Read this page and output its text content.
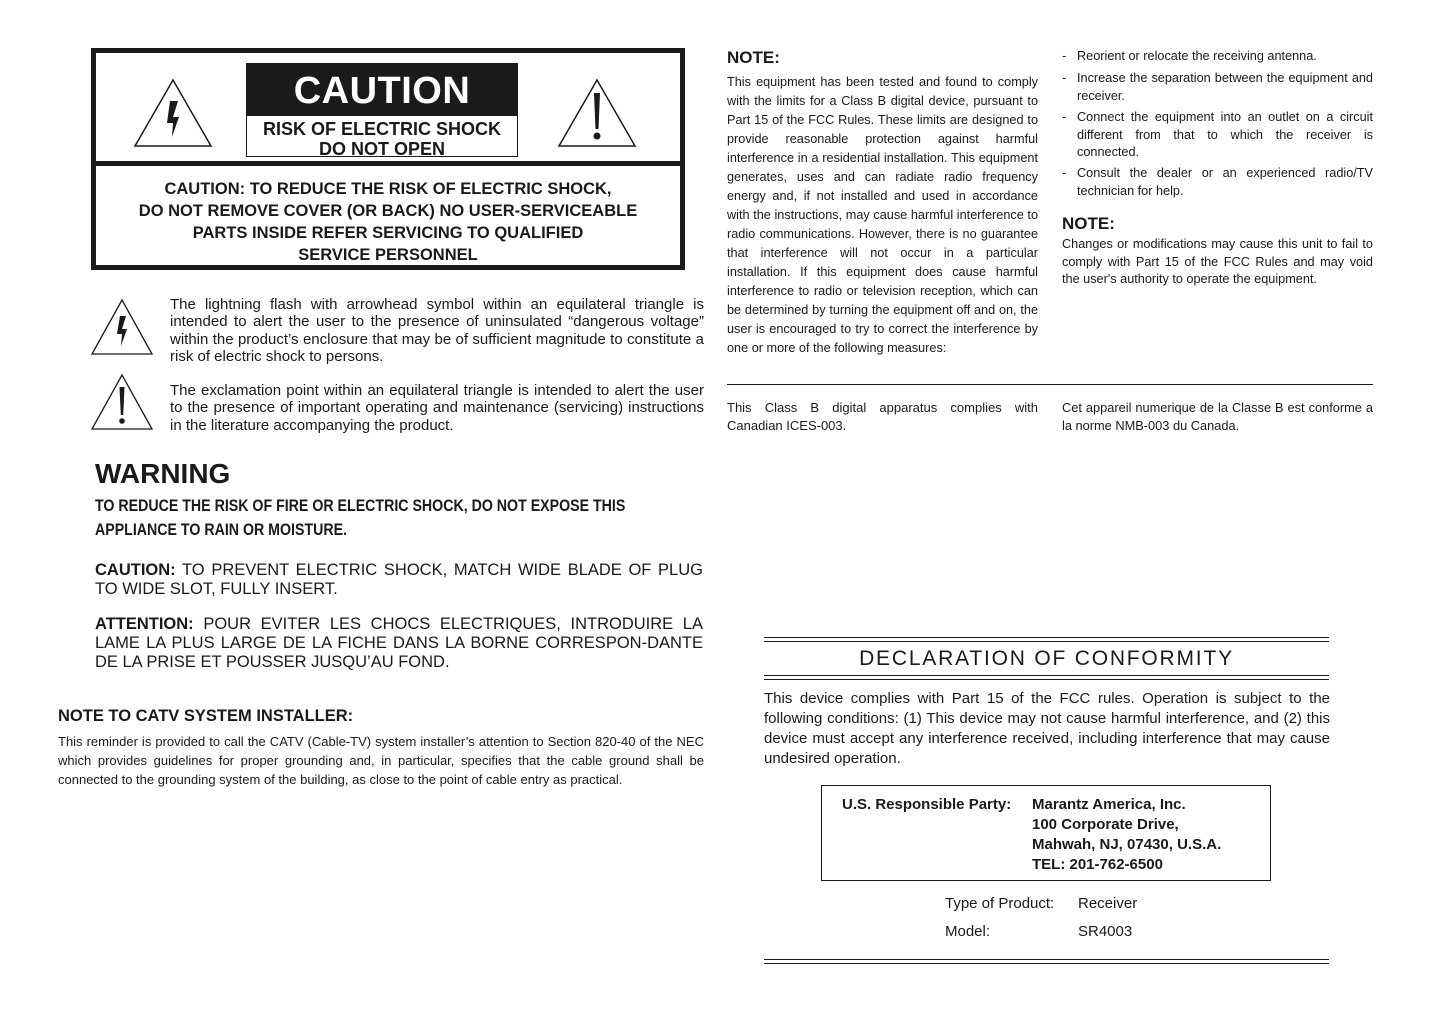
CAUTION
RISK OF ELECTRIC SHOCK
DO NOT OPEN
CAUTION: TO REDUCE THE RISK OF ELECTRIC SHOCK,
DO NOT REMOVE COVER (OR BACK) NO USER-SERVICEABLE
PARTS INSIDE REFER SERVICING TO QUALIFIED
SERVICE PERSONNEL
The lightning flash with arrowhead symbol within an equilateral triangle is intended to alert the user to the presence of uninsulated “dangerous voltage” within the product’s enclosure that may be of sufficient magnitude to constitute a risk of electric shock to persons.
The exclamation point within an equilateral triangle is intended to alert the user to the presence of important operating and maintenance (servicing) instructions in the literature accompanying the product.
WARNING
TO REDUCE THE RISK OF FIRE OR ELECTRIC SHOCK, DO NOT EXPOSE THIS APPLIANCE TO RAIN OR MOISTURE.
CAUTION: TO PREVENT ELECTRIC SHOCK, MATCH WIDE BLADE OF PLUG TO WIDE SLOT, FULLY INSERT.
ATTENTION: POUR EVITER LES CHOCS ELECTRIQUES, INTRODUIRE LA LAME LA PLUS LARGE DE LA FICHE DANS LA BORNE CORRESPON-DANTE DE LA PRISE ET POUSSER JUSQU’AU FOND.
NOTE TO CATV SYSTEM INSTALLER:
This reminder is provided to call the CATV (Cable-TV) system installer’s attention to Section 820-40 of the NEC which provides guidelines for proper grounding and, in particular, specifies that the cable ground shall be connected to the grounding system of the building, as close to the point of cable entry as practical.
NOTE:
This equipment has been tested and found to comply with the limits for a Class B digital device, pursuant to Part 15 of the FCC Rules. These limits are designed to provide reasonable protection against harmful interference in a residential installation. This equipment generates, uses and can radiate radio frequency energy and, if not installed and used in accordance with the instructions, may cause harmful interference to radio communications. However, there is no guarantee that interference will not occur in a particular installation. If this equipment does cause harmful interference to radio or television reception, which can be determined by turning the equipment off and on, the user is encouraged to try to correct the interference by one or more of the following measures:
- Reorient or relocate the receiving antenna.
- Increase the separation between the equipment and receiver.
- Connect the equipment into an outlet on a circuit different from that to which the receiver is connected.
- Consult the dealer or an experienced radio/TV technician for help.
NOTE:
Changes or modifications may cause this unit to fail to comply with Part 15 of the FCC Rules and may void the user's authority to operate the equipment.
This Class B digital apparatus complies with Canadian ICES-003.
Cet appareil numerique de la Classe B est conforme a la norme NMB-003 du Canada.
DECLARATION OF CONFORMITY
This device complies with Part 15 of the FCC rules. Operation is subject to the following conditions: (1) This device may not cause harmful interference, and (2) this device must accept any interference received, including interference that may cause undesired operation.
U.S. Responsible Party: Marantz America, Inc.
100 Corporate Drive,
Mahwah, NJ, 07430, U.S.A.
TEL: 201-762-6500
Type of Product: Receiver
Model:	SR4003
